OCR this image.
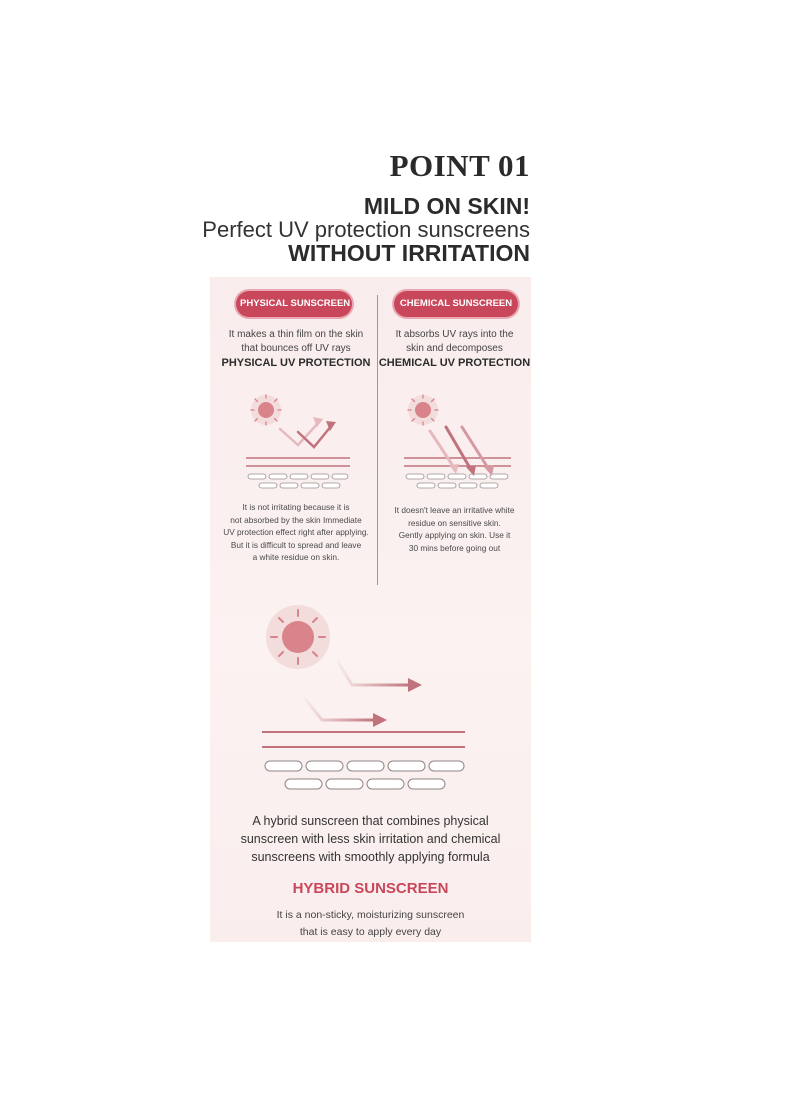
POINT 01
MILD ON SKIN!
Perfect UV protection sunscreens
WITHOUT IRRITATION
PHYSICAL SUNSCREEN
It makes a thin film on the skin
that bounces off UV rays
PHYSICAL UV PROTECTION
It is not irritating because it is
not absorbed by the skin Immediate
UV protection effect right after applying.
But it is difficult to spread and leave
a white residue on skin.
CHEMICAL SUNSCREEN
It absorbs UV rays into the
skin and decomposes
CHEMICAL UV PROTECTION
It doesn't leave an irritative white
residue on sensitive skin.
Gently applying on skin. Use it
30 mins before going out
A hybrid sunscreen that combines physical
sunscreen with less skin irritation and chemical
sunscreens with smoothly applying formula
HYBRID SUNSCREEN
It is a non-sticky, moisturizing sunscreen
that is easy to apply every day
